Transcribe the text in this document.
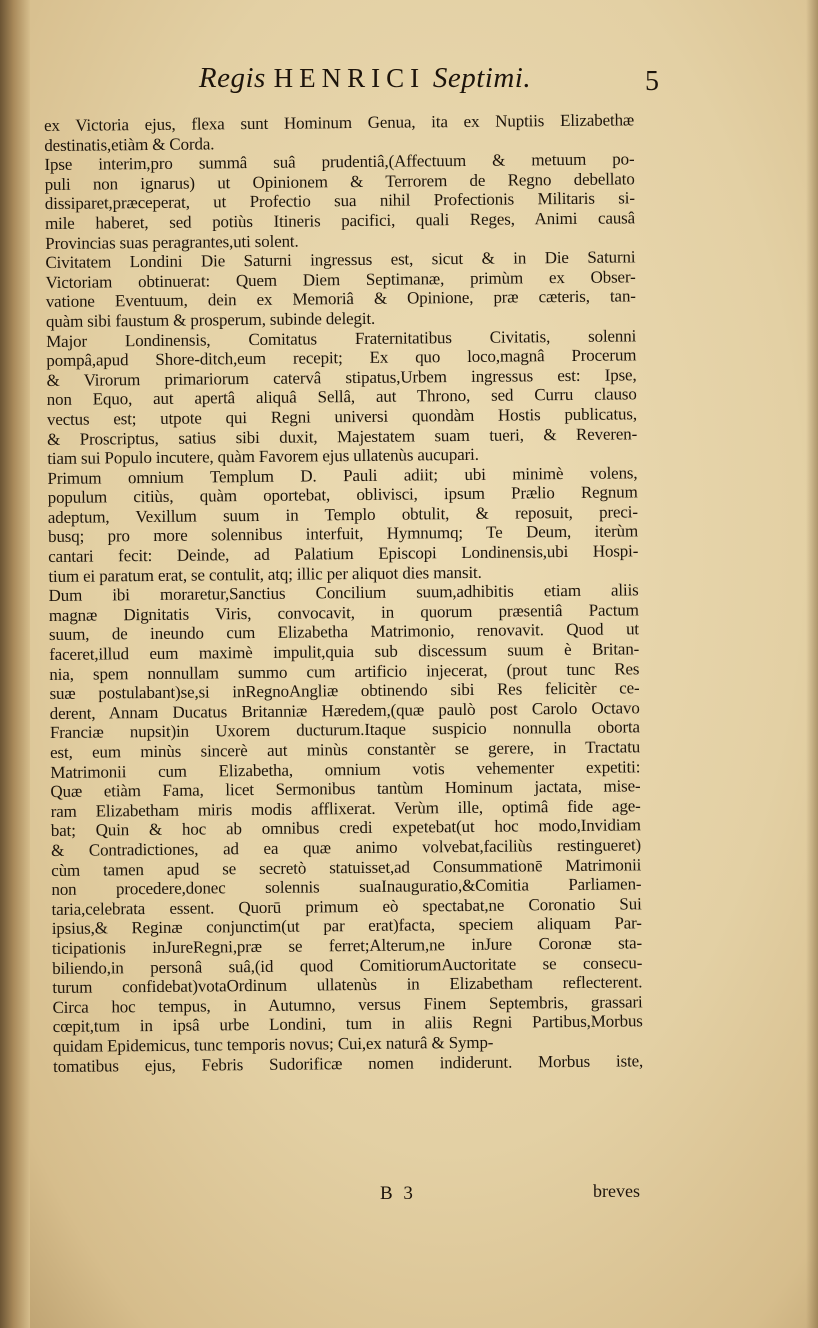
Regis HENRICI Septimi.	5
ex Victoria ejus, flexa sunt Hominum Genua, ita ex Nuptiis Elizabethæ
destinatis,etiàm & Corda.
Ipse interim,pro summâ suâ prudentiâ,(Affectuum & metuum po-
puli non ignarus) ut Opinionem & Terrorem de Regno debellato
dissiparet,præceperat, ut Profectio sua nihil Profectionis Militaris si-
mile haberet, sed potiùs Itineris pacifici, quali Reges, Animi causâ
Provincias suas peragrantes,uti solent.
Civitatem Londini Die Saturni ingressus est, sicut & in Die Saturni
Victoriam obtinuerat: Quem Diem Septimanæ, primùm ex Obser-
vatione Eventuum, dein ex Memoriâ & Opinione, præ cæteris, tan-
quàm sibi faustum & prosperum, subinde delegit.
Major Londinensis, Comitatus Fraternitatibus Civitatis, solenni
pompâ,apud Shore-ditch,eum recepit; Ex quo loco,magnâ Procerum
& Virorum primariorum catervâ stipatus,Urbem ingressus est: Ipse,
non Equo, aut apertâ aliquâ Sellâ, aut Throno, sed Curru clauso
vectus est; utpote qui Regni universi quondàm Hostis publicatus,
& Proscriptus, satius sibi duxit, Majestatem suam tueri, & Reveren-
tiam sui Populo incutere, quàm Favorem ejus ullatenùs aucupari.
Primum omnium Templum D. Pauli adiit; ubi minimè volens,
populum citiùs, quàm oportebat, oblivisci, ipsum Prælio Regnum
adeptum, Vexillum suum in Templo obtulit, & reposuit, preci-
busq; pro more solennibus interfuit, Hymnumq; Te Deum, iterùm
cantari fecit: Deinde, ad Palatium Episcopi Londinensis,ubi Hospi-
tium ei paratum erat, se contulit, atq; illic per aliquot dies mansit.
Dum ibi moraretur,Sanctius Concilium suum,adhibitis etiam aliis
magnæ Dignitatis Viris, convocavit, in quorum præsentiâ Pactum
suum, de ineundo cum Elizabetha Matrimonio, renovavit. Quod ut
faceret,illud eum maximè impulit,quia sub discessum suum è Britan-
nia, spem nonnullam summo cum artificio injecerat, (prout tunc Res
suæ postulabant)se,si inRegnoAngliæ obtinendo sibi Res felicitèr ce-
derent, Annam Ducatus Britanniæ Hæredem,(quæ paulò post Carolo Octavo
Franciæ nupsit)in Uxorem ducturum.Itaque suspicio nonnulla oborta
est, eum minùs sincerè aut minùs constantèr se gerere, in Tractatu
Matrimonii cum Elizabetha, omnium votis vehementer expetiti:
Quæ etiàm Fama, licet Sermonibus tantùm Hominum jactata, mise-
ram Elizabetham miris modis afflixerat. Verùm ille, optimâ fide age-
bat; Quin & hoc ab omnibus credi expetebat(ut hoc modo,Invidiam
& Contradictiones, ad ea quæ animo volvebat,faciliùs restingueret)
cùm tamen apud se secretò statuisset,ad Consummationē Matrimonii
non procedere,donec solennis suaInauguratio,&Comitia Parliamen-
taria,celebrata essent. Quorū primum eò spectabat,ne Coronatio Sui
ipsius,& Reginæ conjunctim(ut par erat)facta, speciem aliquam Par-
ticipationis inJureRegni,præ se ferret;Alterum,ne inJure Coronæ sta-
biliendo,in personâ suâ,(id quod ComitiorumAuctoritate se consecu-
turum confidebat)votaOrdinum ullatenùs in Elizabetham reflecterent.
Circa hoc tempus, in Autumno, versus Finem Septembris, grassari
cœpit,tum in ipsâ urbe Londini, tum in aliis Regni Partibus,Morbus
quidam Epidemicus, tunc temporis novus; Cui,ex naturâ & Symp-
tomatibus ejus, Febris Sudorificæ nomen indiderunt. Morbus iste,
B 3	breves
